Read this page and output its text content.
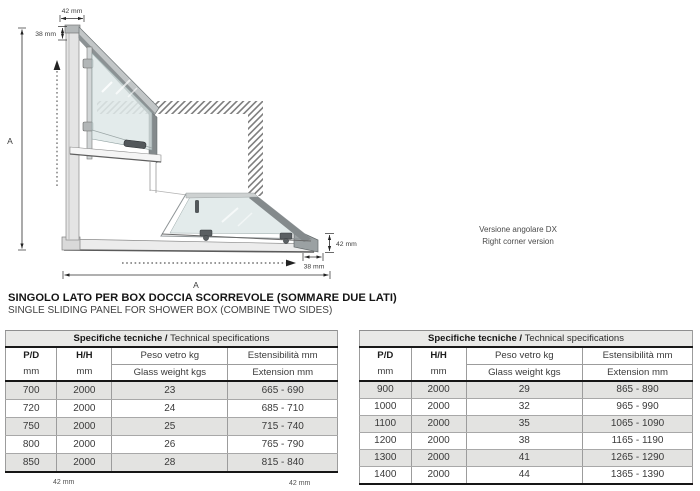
42 mm
38 mm
A
42 mm
38 mm
A
Versione angolare DX
Right corner version
SINGOLO LATO PER BOX DOCCIA SCORREVOLE (SOMMARE DUE LATI)
SINGLE SLIDING PANEL FOR SHOWER BOX (COMBINE TWO SIDES)
Specifiche tecniche / Technical specifications			
P/D	H/H	Peso vetro kg	Estensibilità mm
mm	mm	Glass weight kgs	Extension mm
700	2000	23	665 - 690
720	2000	24	685 - 710
750	2000	25	715 - 740
800	2000	26	765 - 790
850	2000	28	815 - 840
Specifiche tecniche / Technical specifications			
P/D	H/H	Peso vetro kg	Estensibilità mm
mm	mm	Glass weight kgs	Extension mm
900	2000	29	865 - 890
1000	2000	32	965 - 990
1100	2000	35	1065 - 1090
1200	2000	38	1165 - 1190
1300	2000	41	1265 - 1290
1400	2000	44	1365 - 1390
42 mm	42 mm
